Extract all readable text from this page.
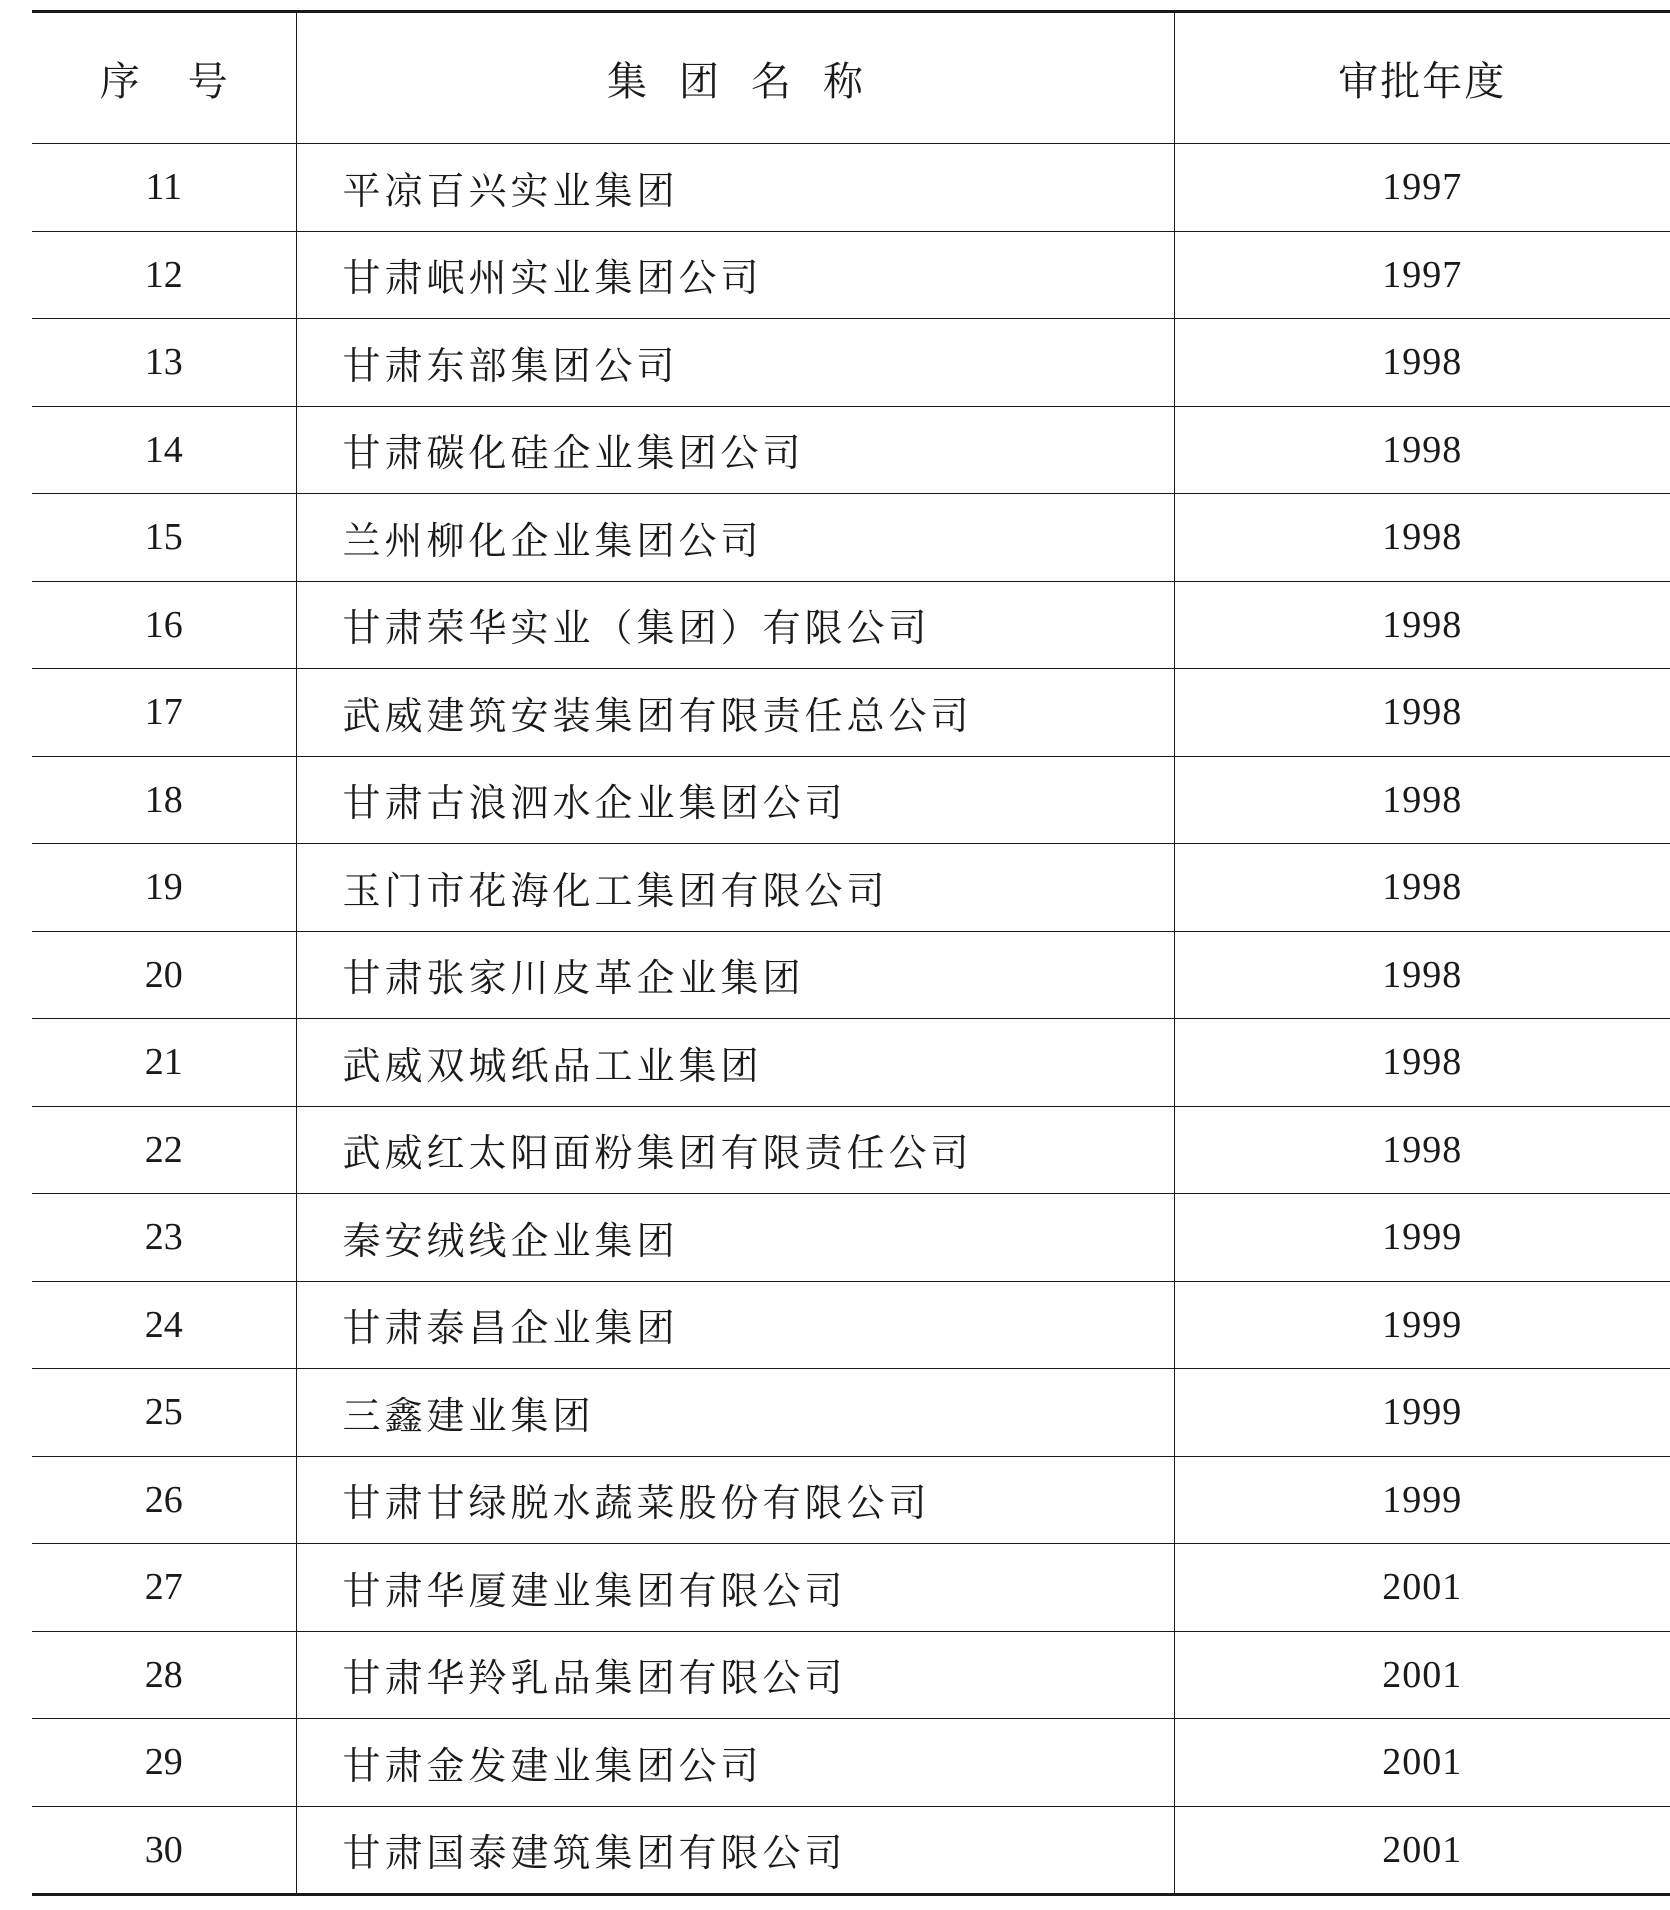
序号	集团名称	审批年度
11	平凉百兴实业集团	1997
12	甘肃岷州实业集团公司	1997
13	甘肃东部集团公司	1998
14	甘肃碳化硅企业集团公司	1998
15	兰州柳化企业集团公司	1998
16	甘肃荣华实业（集团）有限公司	1998
17	武威建筑安装集团有限责任总公司	1998
18	甘肃古浪泗水企业集团公司	1998
19	玉门市花海化工集团有限公司	1998
20	甘肃张家川皮革企业集团	1998
21	武威双城纸品工业集团	1998
22	武威红太阳面粉集团有限责任公司	1998
23	秦安绒线企业集团	1999
24	甘肃泰昌企业集团	1999
25	三鑫建业集团	1999
26	甘肃甘绿脱水蔬菜股份有限公司	1999
27	甘肃华厦建业集团有限公司	2001
28	甘肃华羚乳品集团有限公司	2001
29	甘肃金发建业集团公司	2001
30	甘肃国泰建筑集团有限公司	2001
